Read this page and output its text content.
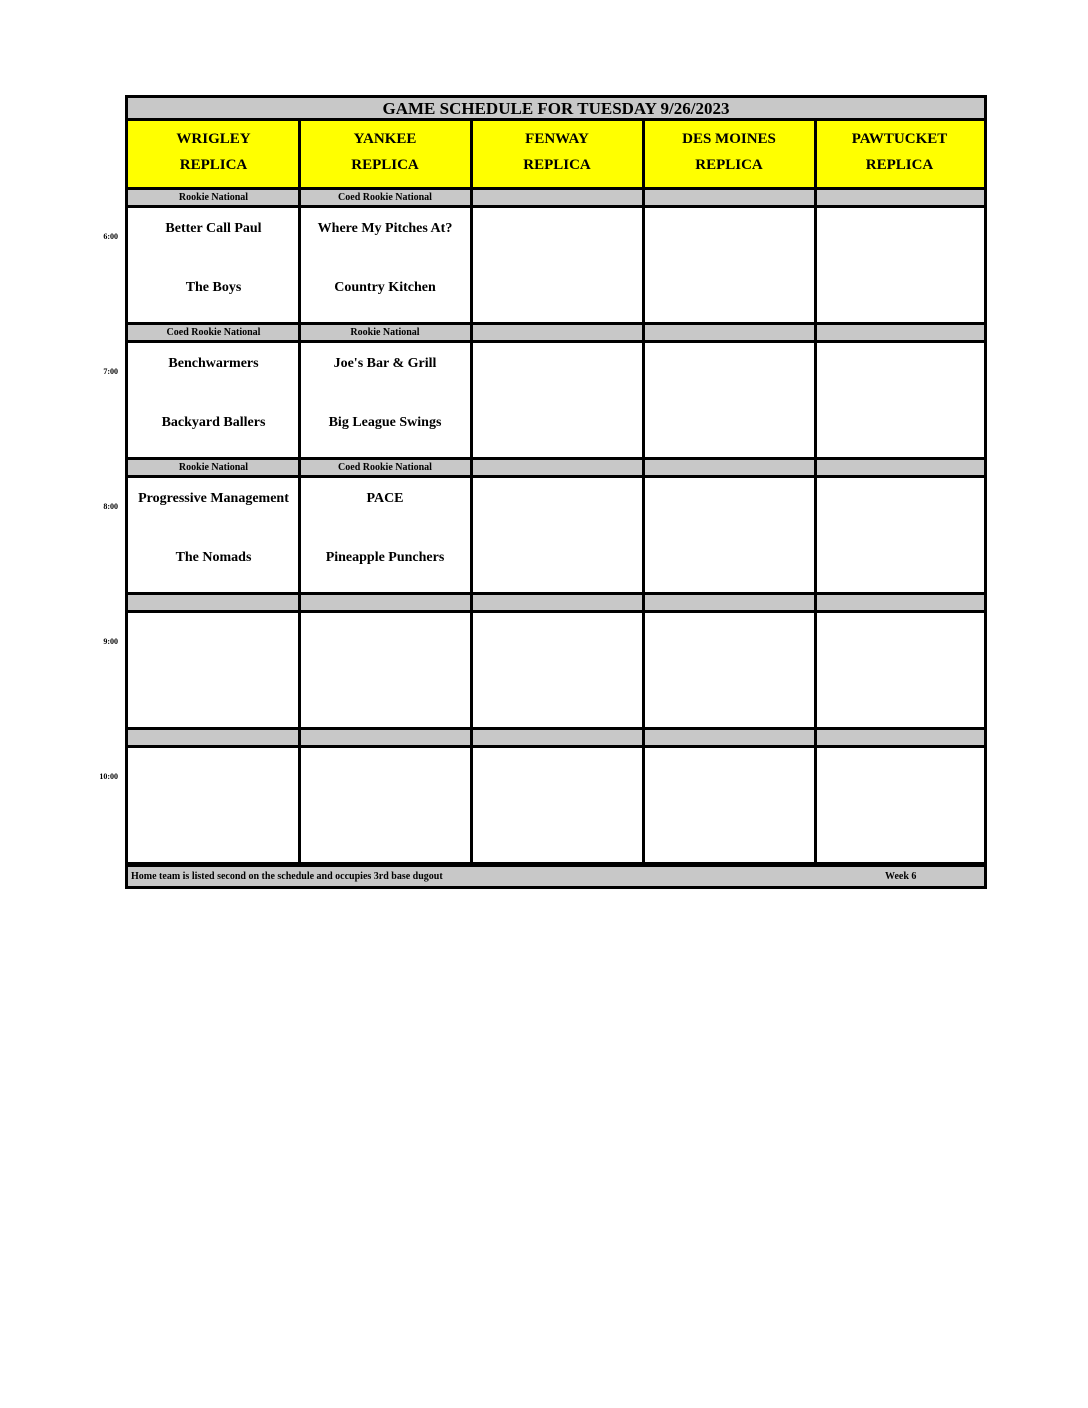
GAME SCHEDULE FOR TUESDAY 9/26/2023
WRIGLEY
REPLICA
YANKEE
REPLICA
FENWAY
REPLICA
DES MOINES
REPLICA
PAWTUCKET
REPLICA
Rookie National
Better Call Paul
The Boys
Coed Rookie National
Where My Pitches At?
Country Kitchen
Coed Rookie National
Benchwarmers
Backyard Ballers
Rookie National
Joe's Bar & Grill
Big League Swings
Rookie National
Progressive Management
The Nomads
Coed Rookie National
PACE
Pineapple Punchers
Home team is listed second on the schedule and occupies 3rd base dugout	Week 6
6:00
7:00
8:00
9:00
10:00
